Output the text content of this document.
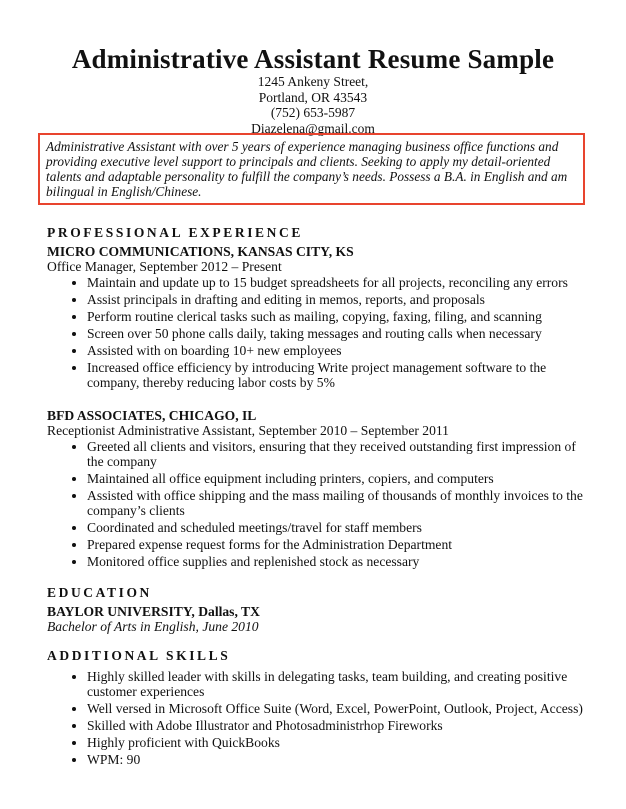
Administrative Assistant Resume Sample
1245 Ankeny Street,
Portland, OR 43543
(752) 653-5987
Diazelena@gmail.com
Administrative Assistant with over 5 years of experience managing business office functions and providing executive level support to principals and clients. Seeking to apply my detail-oriented talents and adaptable personality to fulfill the company’s needs. Possess a B.A. in English and am bilingual in English/Chinese.
PROFESSIONAL EXPERIENCE
MICRO COMMUNICATIONS, KANSAS CITY, KS
Office Manager, September 2012 – Present
• Maintain and update up to 15 budget spreadsheets for all projects, reconciling any errors
• Assist principals in drafting and editing in memos, reports, and proposals
• Perform routine clerical tasks such as mailing, copying, faxing, filing, and scanning
• Screen over 50 phone calls daily, taking messages and routing calls when necessary
• Assisted with on boarding 10+ new employees
• Increased office efficiency by introducing Write project management software to the company, thereby reducing labor costs by 5%
BFD ASSOCIATES, CHICAGO, IL
Receptionist Administrative Assistant, September 2010 – September 2011
• Greeted all clients and visitors, ensuring that they received outstanding first impression of the company
• Maintained all office equipment including printers, copiers, and computers
• Assisted with office shipping and the mass mailing of thousands of monthly invoices to the company’s clients
• Coordinated and scheduled meetings/travel for staff members
• Prepared expense request forms for the Administration Department
• Monitored office supplies and replenished stock as necessary
EDUCATION
BAYLOR UNIVERSITY, Dallas, TX
Bachelor of Arts in English, June 2010
ADDITIONAL SKILLS
• Highly skilled leader with skills in delegating tasks, team building, and creating positive customer experiences
• Well versed in Microsoft Office Suite (Word, Excel, PowerPoint, Outlook, Project, Access)
• Skilled with Adobe Illustrator and Photosadministrhop Fireworks
• Highly proficient with QuickBooks
• WPM: 90
